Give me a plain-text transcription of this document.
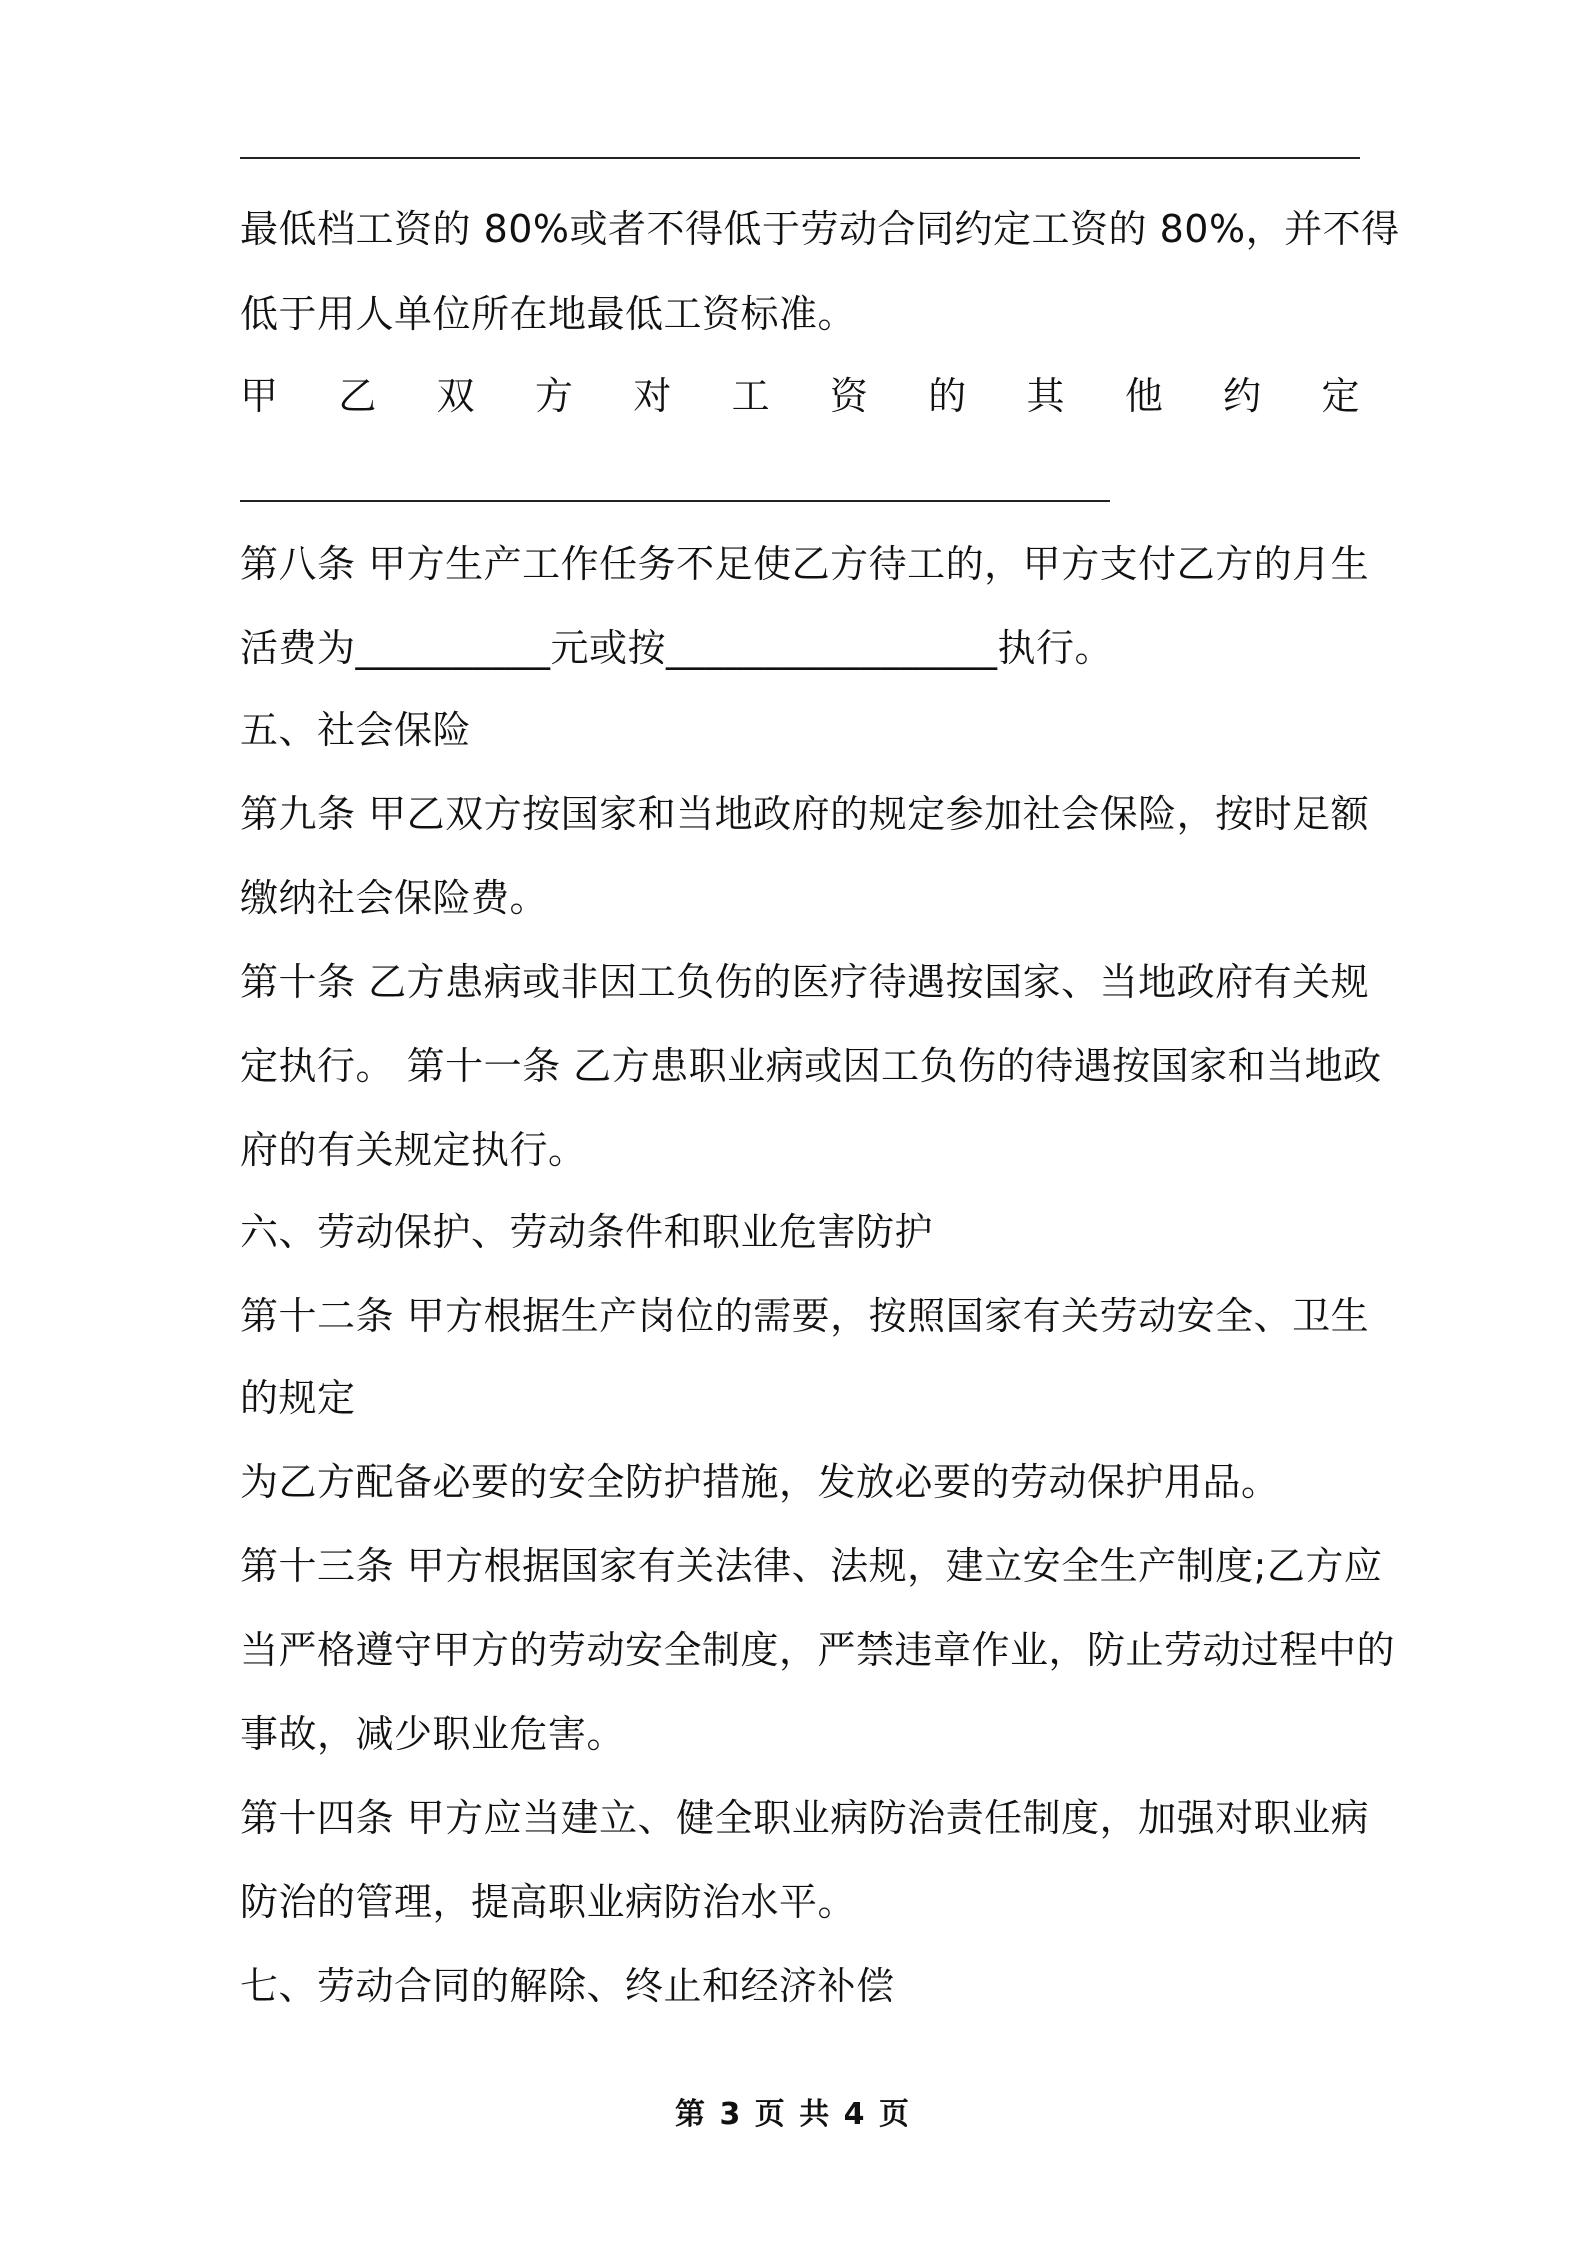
最低档工资的 80%或者不得低于劳动合同约定工资的 80%，并不得
低于用人单位所在地最低工资标准。
甲 乙 双 方 对 工 资 的 其 他 约 定
第八条 甲方生产工作任务不足使乙方待工的，甲方支付乙方的月生
活费为__________元或按_________________执行。
五、社会保险
第九条 甲乙双方按国家和当地政府的规定参加社会保险，按时足额
缴纳社会保险费。
第十条 乙方患病或非因工负伤的医疗待遇按国家、当地政府有关规
定执行。 第十一条 乙方患职业病或因工负伤的待遇按国家和当地政
府的有关规定执行。
六、劳动保护、劳动条件和职业危害防护
第十二条 甲方根据生产岗位的需要，按照国家有关劳动安全、卫生
的规定
为乙方配备必要的安全防护措施，发放必要的劳动保护用品。
第十三条 甲方根据国家有关法律、法规，建立安全生产制度;乙方应
当严格遵守甲方的劳动安全制度，严禁违章作业，防止劳动过程中的
事故，减少职业危害。
第十四条 甲方应当建立、健全职业病防治责任制度，加强对职业病
防治的管理，提高职业病防治水平。
七、劳动合同的解除、终止和经济补偿
第 3 页 共 4 页
